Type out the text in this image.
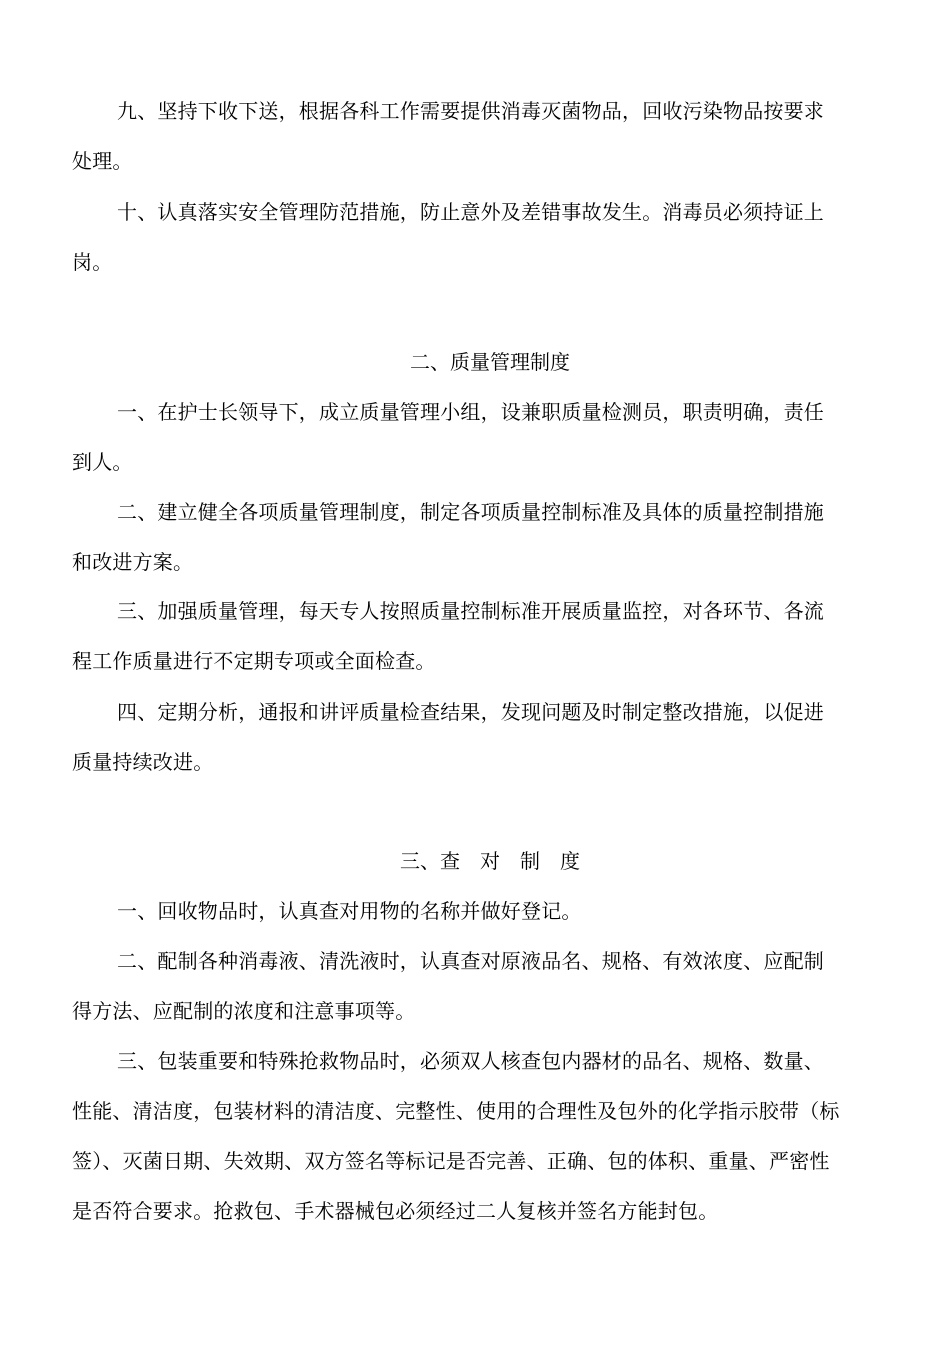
九、坚持下收下送，根据各科工作需要提供消毒灭菌物品，回收污染物品按要求处理。

十、认真落实安全管理防范措施，防止意外及差错事故发生。消毒员必须持证上岗。

二、质量管理制度

一、在护士长领导下，成立质量管理小组，设兼职质量检测员，职责明确，责任到人。

二、建立健全各项质量管理制度，制定各项质量控制标准及具体的质量控制措施和改进方案。

三、加强质量管理，每天专人按照质量控制标准开展质量监控，对各环节、各流程工作质量进行不定期专项或全面检查。

四、定期分析，通报和讲评质量检查结果，发现问题及时制定整改措施，以促进质量持续改进。

三、查　对　制　度

一、回收物品时，认真查对用物的名称并做好登记。

二、配制各种消毒液、清洗液时，认真查对原液品名、规格、有效浓度、应配制得方法、应配制的浓度和注意事项等。

三、包装重要和特殊抢救物品时，必须双人核查包内器材的品名、规格、数量、性能、清洁度，包装材料的清洁度、完整性、使用的合理性及包外的化学指示胶带（标签）、灭菌日期、失效期、双方签名等标记是否完善、正确、包的体积、重量、严密性是否符合要求。抢救包、手术器械包必须经过二人复核并签名方能封包。
